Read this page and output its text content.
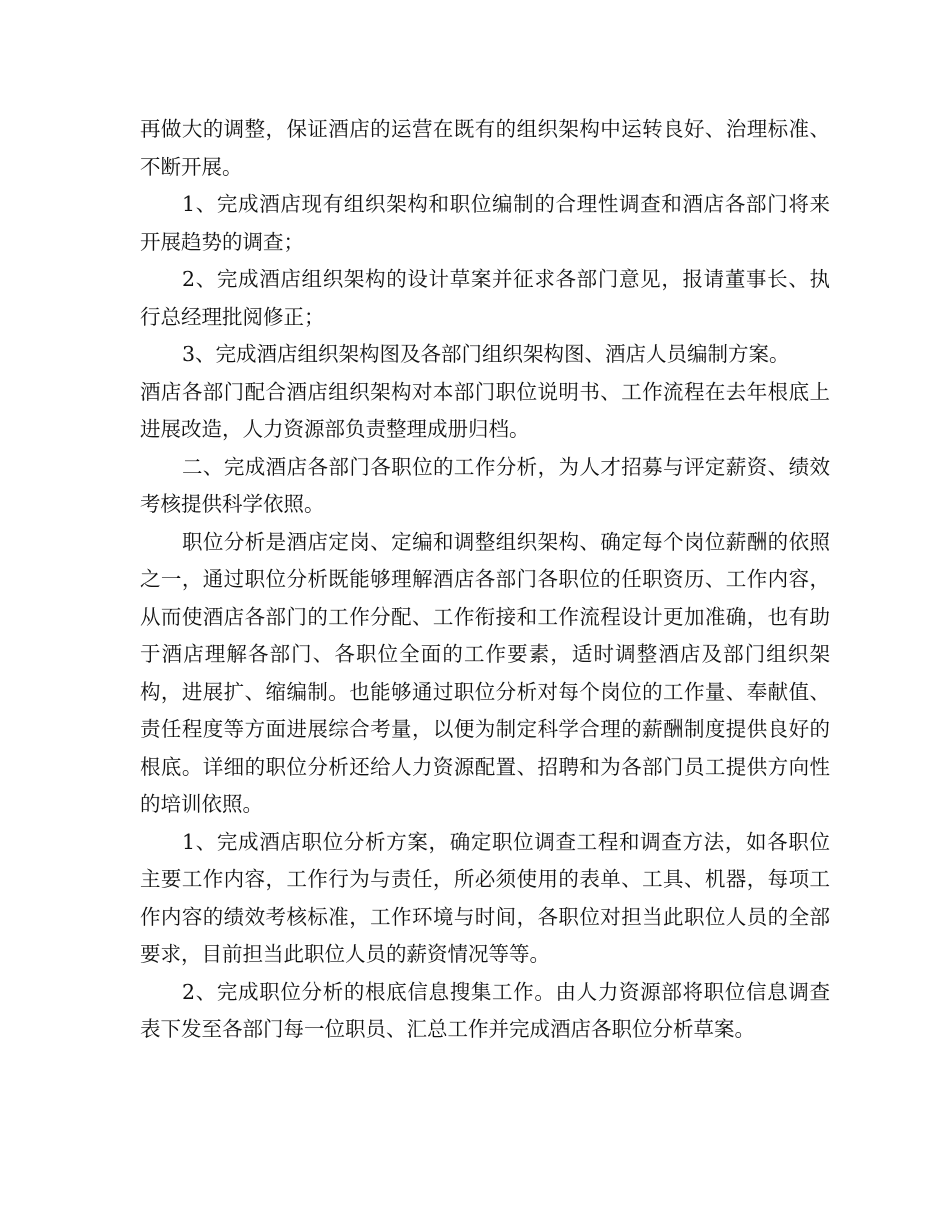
再做大的调整，保证酒店的运营在既有的组织架构中运转良好、治理标准、不断开展。

1、完成酒店现有组织架构和职位编制的合理性调查和酒店各部门将来开展趋势的调查；

2、完成酒店组织架构的设计草案并征求各部门意见，报请董事长、执行总经理批阅修正；

3、完成酒店组织架构图及各部门组织架构图、酒店人员编制方案。

酒店各部门配合酒店组织架构对本部门职位说明书、工作流程在去年根底上进展改造，人力资源部负责整理成册归档。

二、完成酒店各部门各职位的工作分析，为人才招募与评定薪资、绩效考核提供科学依照。

职位分析是酒店定岗、定编和调整组织架构、确定每个岗位薪酬的依照之一，通过职位分析既能够理解酒店各部门各职位的任职资历、工作内容，从而使酒店各部门的工作分配、工作衔接和工作流程设计更加准确，也有助于酒店理解各部门、各职位全面的工作要素，适时调整酒店及部门组织架构，进展扩、缩编制。也能够通过职位分析对每个岗位的工作量、奉献值、责任程度等方面进展综合考量，以便为制定科学合理的薪酬制度提供良好的根底。详细的职位分析还给人力资源配置、招聘和为各部门员工提供方向性的培训依照。

1、完成酒店职位分析方案，确定职位调查工程和调查方法，如各职位主要工作内容，工作行为与责任，所必须使用的表单、工具、机器，每项工作内容的绩效考核标准，工作环境与时间，各职位对担当此职位人员的全部要求，目前担当此职位人员的薪资情况等等。

2、完成职位分析的根底信息搜集工作。由人力资源部将职位信息调查表下发至各部门每一位职员、汇总工作并完成酒店各职位分析草案。
